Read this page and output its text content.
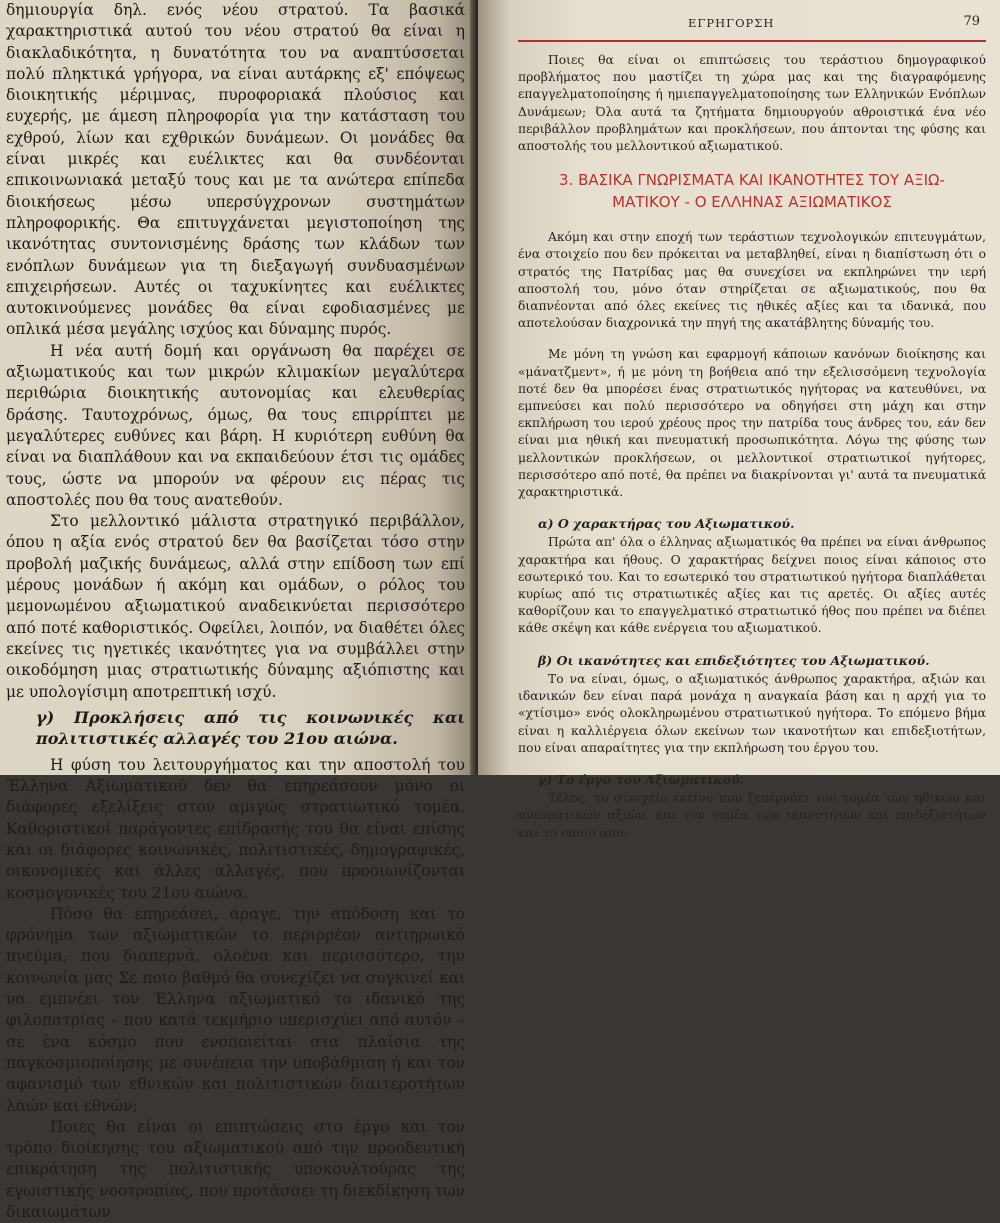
δημιουργία δηλ. ενός νέου στρατού. Τα βασικά χαρακτηριστικά αυτού του νέου στρατού θα είναι η διακλαδικότητα, η δυνατότητα του να αναπτύσσεται πολύ πληκτικά γρήγορα, να είναι αυτάρκης εξ' επόψεως διοικητικής μέριμνας, πυροφοριακά πλούσιος και ευχερής, με άμεση πληροφορία για την κατάσταση του εχθρού, λίων και εχθρικών δυνάμεων. Οι μονάδες θα είναι μικρές και ευέλικτες και θα συνδέονται επικοινωνιακά μεταξύ τους και με τα ανώτερα επίπεδα διοικήσεως μέσω υπερσύγχρονων συστημάτων πληροφορικής. Θα επιτυγχάνεται μεγιστοποίηση της ικανότητας συντονισμένης δράσης των κλάδων των ενόπλων δυνάμεων για τη διεξαγωγή συνδυασμένων επιχειρήσεων. Αυτές οι ταχυκίνητες και ευέλικτες αυτοκινούμενες μονάδες θα είναι εφοδιασμένες με οπλικά μέσα μεγάλης ισχύος και δύναμης πυρός.

Η νέα αυτή δομή και οργάνωση θα παρέχει σε αξιωματικούς και των μικρών κλιμακίων μεγαλύτερα περιθώρια διοικητικής αυτονομίας και ελευθερίας δράσης. Ταυτοχρόνως, όμως, θα τους επιρρίπτει με μεγαλύτερες ευθύνες και βάρη. Η κυριότερη ευθύνη θα είναι να διαπλάθουν και να εκπαιδεύουν έτσι τις ομάδες τους, ώστε να μπορούν να φέρουν εις πέρας τις αποστολές που θα τους ανατεθούν.

Στο μελλοντικό μάλιστα στρατηγικό περιβάλλον, όπου η αξία ενός στρατού δεν θα βασίζεται τόσο στην προβολή μαζικής δυνάμεως, αλλά στην επίδοση των επί μέρους μονάδων ή ακόμη και ομάδων, ο ρόλος του μεμονωμένου αξιωματικού αναδεικνύεται περισσότερο από ποτέ καθοριστικός. Οφείλει, λοιπόν, να διαθέτει όλες εκείνες τις ηγετικές ικανότητες για να συμβάλλει στην οικοδόμηση μιας στρατιωτικής δύναμης αξιόπιστης και με υπολογίσιμη αποτρεπτική ισχύ.

γ) Προκλήσεις από τις κοινωνικές και πολιτιστικές αλλαγές του 21ου αιώνα.

Η φύση του λειτουργήματος και την αποστολή του Έλληνα Αξιωματικού δεν θα επηρεάσουν μόνο οι διάφορες εξελίξεις στον αμιγώς στρατιωτικό τομέα. Καθοριστικοί παράγοντες επίδρασής του θα είναι επίσης και οι διάφορες κοινωνικές, πολιτιστικές, δημογραφικές, οικονομικές και άλλες αλλαγές, που προοιωνίζονται κοσμογονικές του 21ου αιώνα.

Πόσο θα επηρεάσει, άραγε, την απόδοση και το φρόνημα των αξιωματικών το περιρρέον αντιηρωικό πνεύμα, που διαπερνά, ολοένα και περισσότερο, την κοινωνία μας Σε ποιο βαθμό θα συνεχίζει να συγκινεί και να εμπνέει τον Έλληνα αξιωματικό το ιδανικό της φιλοπατρίας – που κατά τεκμήριο υπερισχύει από αυτόν – σε ένα κόσμο που ενοποιείται στα πλαίσια της παγκοσμιοποίησης με συνέπεια την υποβάθμιση ή και τον αφανισμό των εθνικών και πολιτιστικών διαιτεροτήτων λαών και εθνών;

Ποιες θα είναι οι επιπτώσεις στο έργο και τον τρόπο διοίκησης του αξιωματικού από την προοδευτική επικράτηση της πολιτιστικής υποκουλτούρας της εγωιστικής νοοτροπίας, που προτάσσει τη διεκδίκηση των δικαιωμάτων

ΕΓΡΗΓΟΡΣΗ	79

Ποιες θα είναι οι επιπτώσεις του τεράστιου δημογραφικού προβλήματος που μαστίζει τη χώρα μας και της διαγραφόμενης επαγγελματοποίησης ή ημιεπαγγελματοποίησης των Ελληνικών Ενόπλων Δυνάμεων; Όλα αυτά τα ζητήματα δημιουργούν αθροιστικά ένα νέο περιβάλλον προβλημάτων και προκλήσεων, που άπτονται της φύσης και αποστολής του μελλοντικού αξιωματικού.

3. ΒΑΣΙΚΑ ΓΝΩΡΙΣΜΑΤΑ ΚΑΙ ΙΚΑΝΟΤΗΤΕΣ ΤΟΥ ΑΞΙΩ-
ΜΑΤΙΚΟΥ - Ο ΕΛΛΗΝΑΣ ΑΞΙΩΜΑΤΙΚΟΣ

Ακόμη και στην εποχή των τεράστιων τεχνολογικών επιτευγμάτων, ένα στοιχείο που δεν πρόκειται να μεταβληθεί, είναι η διαπίστωση ότι ο στρατός της Πατρίδας μας θα συνεχίσει να εκπληρώνει την ιερή αποστολή του, μόνο όταν στηρίζεται σε αξιωματικούς, που θα διαπνέονται από όλες εκείνες τις ηθικές αξίες και τα ιδανικά, που αποτελούσαν διαχρονικά την πηγή της ακατάβλητης δύναμής του.

Με μόνη τη γνώση και εφαρμογή κάποιων κανόνων διοίκησης και «μάνατζμεντ», ή με μόνη τη βοήθεια από την εξελισσόμενη τεχνολογία ποτέ δεν θα μπορέσει ένας στρατιωτικός ηγήτορας να κατευθύνει, να εμπνεύσει και πολύ περισσότερο να οδηγήσει στη μάχη και στην εκπλήρωση του ιερού χρέους προς την πατρίδα τους άνδρες του, εάν δεν είναι μια ηθική και πνευματική προσωπικότητα. Λόγω της φύσης των μελλοντικών προκλήσεων, οι μελλοντικοί στρατιωτικοί ηγήτορες, περισσότερο από ποτέ, θα πρέπει να διακρίνονται γι' αυτά τα πνευματικά χαρακτηριστικά.

α) Ο χαρακτήρας του Αξιωματικού.

Πρώτα απ' όλα ο έλληνας αξιωματικός θα πρέπει να είναι άνθρωπος χαρακτήρα και ήθους. Ο χαρακτήρας δείχνει ποιος είναι κάποιος στο εσωτερικό του. Και το εσωτερικό του στρατιωτικού ηγήτορα διαπλάθεται κυρίως από τις στρατιωτικές αξίες και τις αρετές. Οι αξίες αυτές καθορίζουν και το επαγγελματικό στρατιωτικό ήθος που πρέπει να διέπει κάθε σκέψη και κάθε ενέργεια του αξιωματικού.

β) Οι ικανότητες και επιδεξιότητες του Αξιωματικού.

Το να είναι, όμως, ο αξιωματικός άνθρωπος χαρακτήρα, αξιών και ιδανικών δεν είναι παρά μονάχα η αναγκαία βάση και η αρχή για το «χτίσιμο» ενός ολοκληρωμένου στρατιωτικού ηγήτορα. Το επόμενο βήμα είναι η καλλιέργεια όλων εκείνων των ικανοτήτων και επιδεξιοτήτων, που είναι απαραίτητες για την εκπλήρωση του έργου του.

γ) Το έργο του Αξιωματικού.

Τέλος, το στοιχείο εκείνο που ξεπερνάει τον τομέα των ηθικών και πνευματικών αξιών, και τον τομέα των ικανοτήτων και επιδεξιοτήτων και το οποίο απο-
